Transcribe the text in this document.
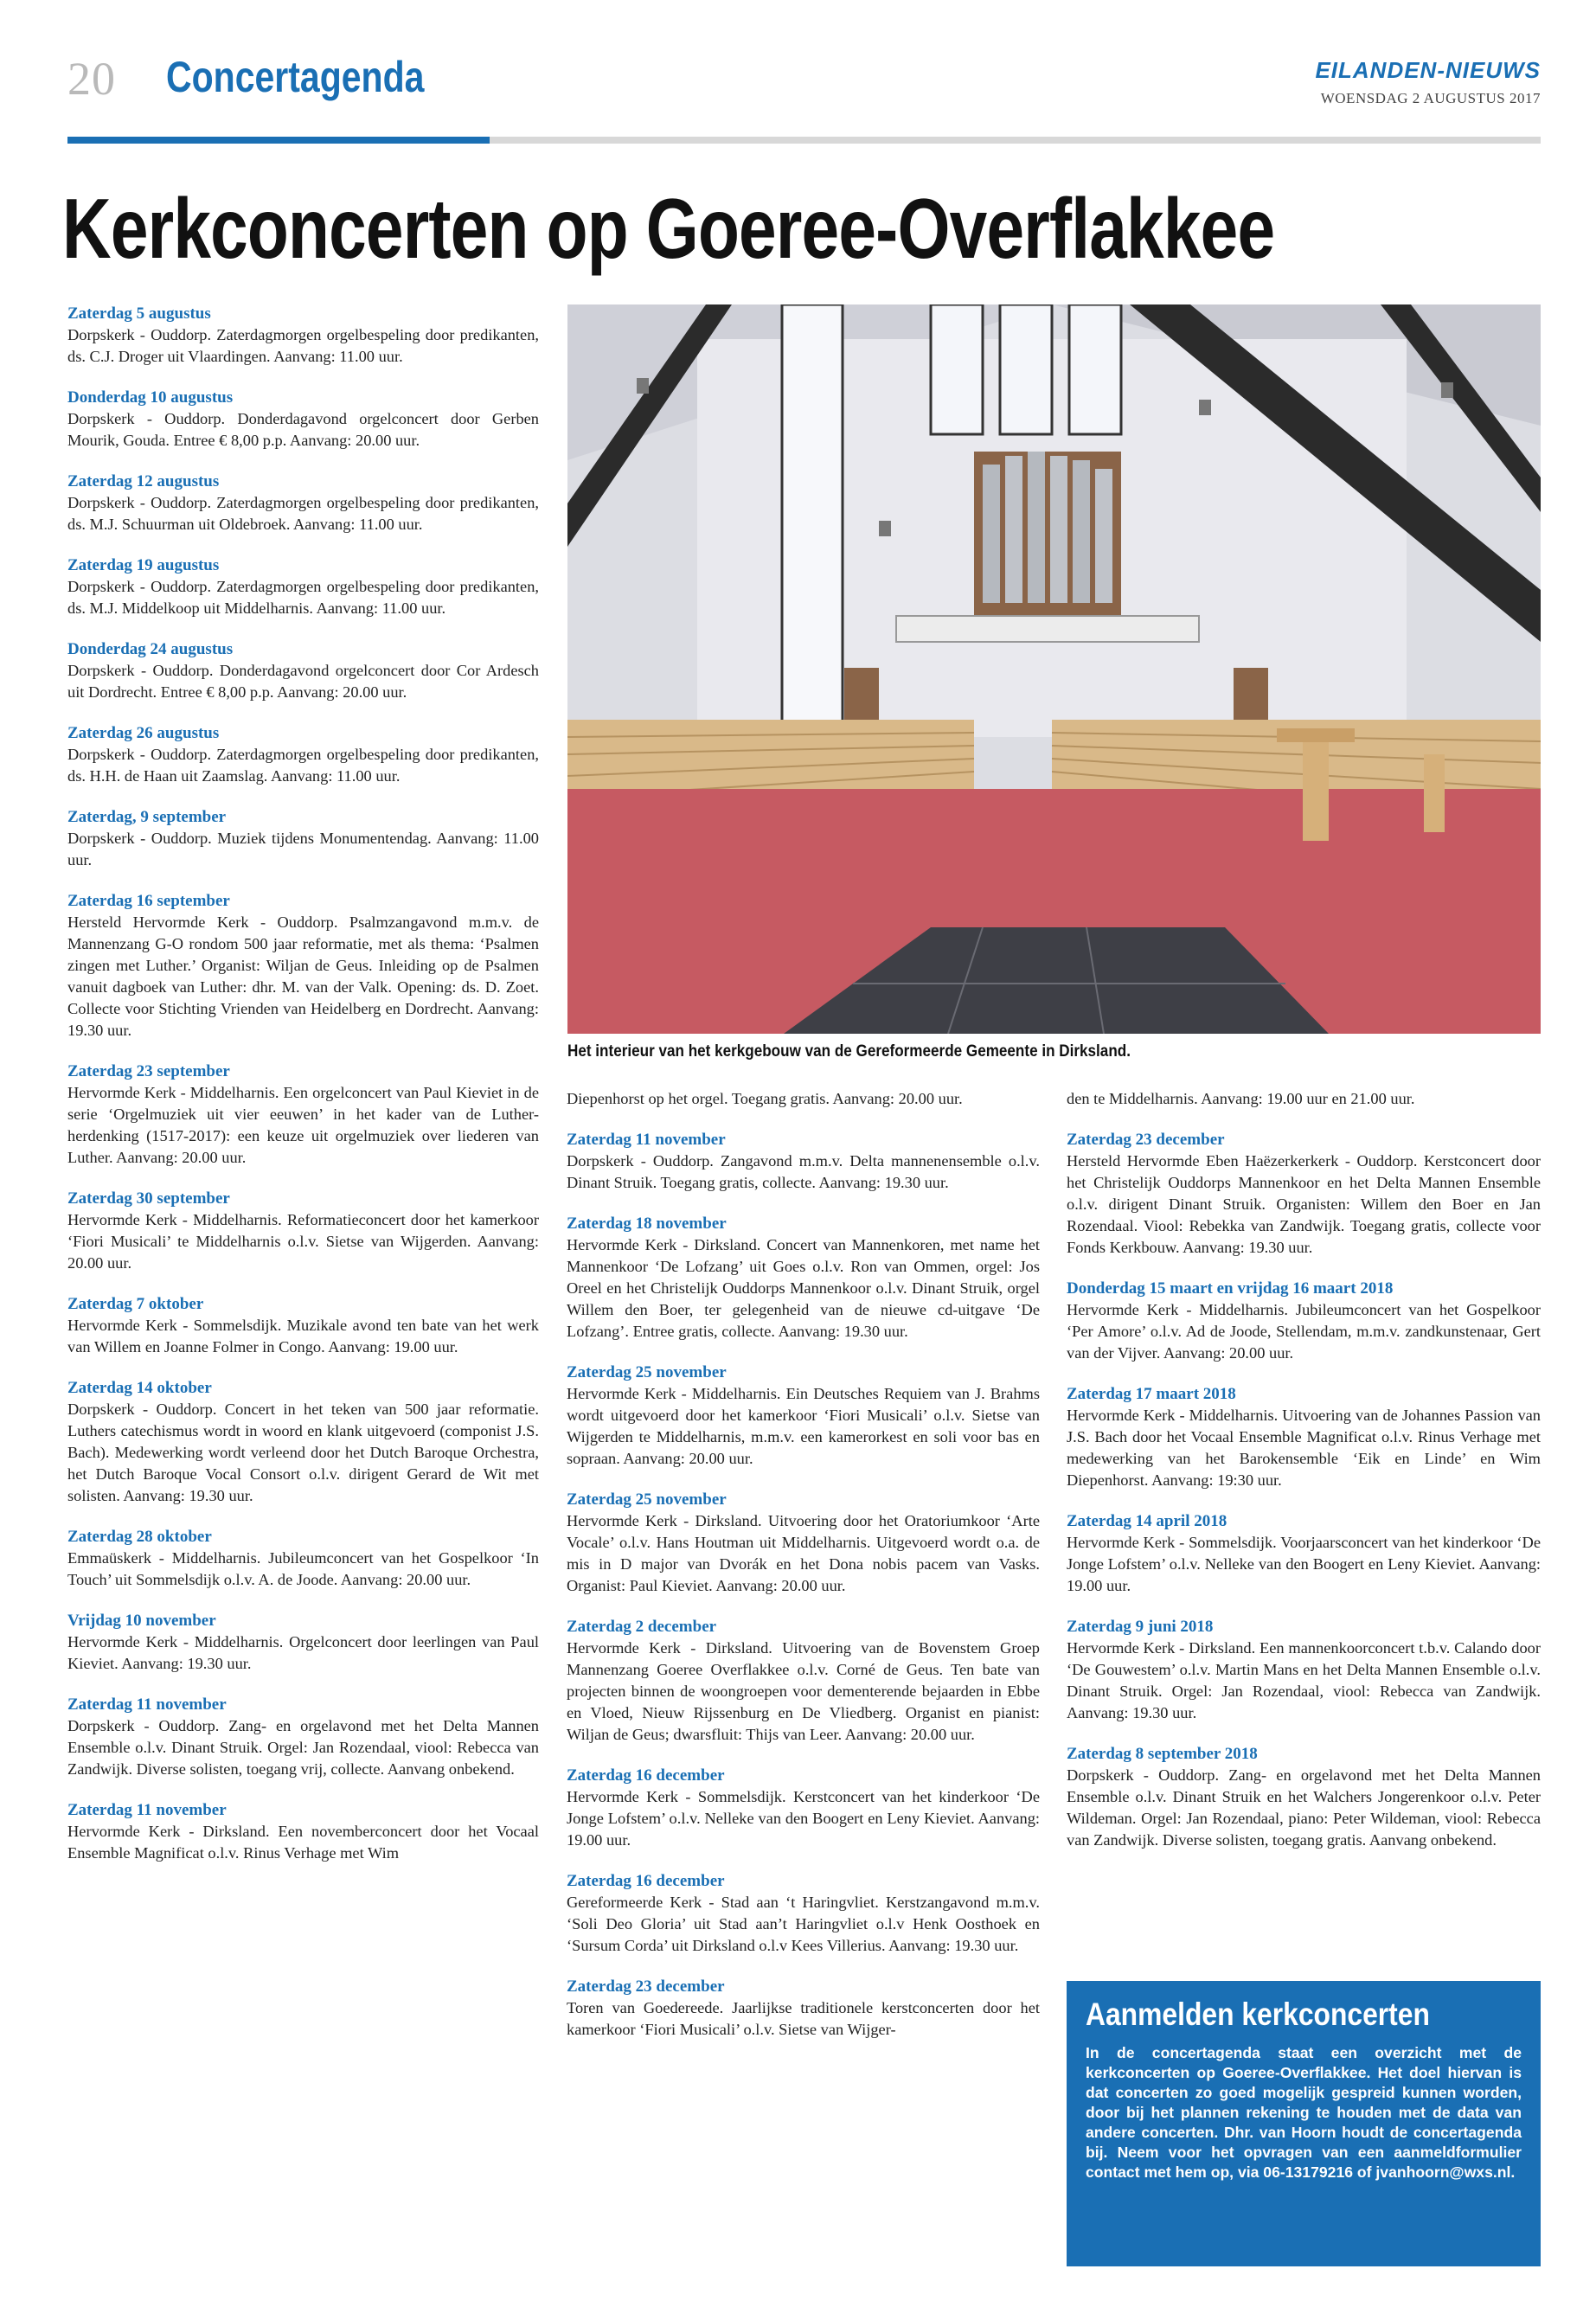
20 Concertagenda	EILANDEN-NIEUWS
WOENSDAG 2 AUGUSTUS 2017
Kerkconcerten op Goeree-Overflakkee
Zaterdag 5 augustus
Dorpskerk - Ouddorp. Zaterdagmorgen orgelbespeling door predikanten, ds. C.J. Droger uit Vlaardingen. Aanvang: 11.00 uur.
Donderdag 10 augustus
Dorpskerk - Ouddorp. Donderdagavond orgelconcert door Gerben Mourik, Gouda. Entree € 8,00 p.p. Aanvang: 20.00 uur.
Zaterdag 12 augustus
Dorpskerk - Ouddorp. Zaterdagmorgen orgelbespeling door predikanten, ds. M.J. Schuurman uit Oldebroek. Aanvang: 11.00 uur.
Zaterdag 19 augustus
Dorpskerk - Ouddorp. Zaterdagmorgen orgelbespeling door predikanten, ds. M.J. Middelkoop uit Middelharnis. Aanvang: 11.00 uur.
Donderdag 24 augustus
Dorpskerk - Ouddorp. Donderdagavond orgelconcert door Cor Ardesch uit Dordrecht. Entree € 8,00 p.p. Aanvang: 20.00 uur.
Zaterdag 26 augustus
Dorpskerk - Ouddorp. Zaterdagmorgen orgelbespeling door predikanten, ds. H.H. de Haan uit Zaamslag. Aanvang: 11.00 uur.
Zaterdag, 9 september
Dorpskerk - Ouddorp. Muziek tijdens Monumentendag. Aanvang: 11.00 uur.
Zaterdag 16 september
Hersteld Hervormde Kerk - Ouddorp. Psalmzangavond m.m.v. de Mannenzang G-O rondom 500 jaar reformatie, met als thema: ‘Psalmen zingen met Luther.’ Organist: Wiljan de Geus. Inleiding op de Psalmen vanuit dagboek van Luther: dhr. M. van der Valk. Opening: ds. D. Zoet. Collecte voor Stichting Vrienden van Heidelberg en Dordrecht. Aanvang: 19.30 uur.
Zaterdag 23 september
Hervormde Kerk - Middelharnis. Een orgelconcert van Paul Kieviet in de serie ‘Orgelmuziek uit vier eeuwen’ in het kader van de Luther-herdenking (1517-2017): een keuze uit orgelmuziek over liederen van Luther. Aanvang: 20.00 uur.
Zaterdag 30 september
Hervormde Kerk - Middelharnis. Reformatieconcert door het kamerkoor ‘Fiori Musicali’ te Middelharnis o.l.v. Sietse van Wijgerden. Aanvang: 20.00 uur.
Zaterdag 7 oktober
Hervormde Kerk - Sommelsdijk. Muzikale avond ten bate van het werk van Willem en Joanne Folmer in Congo. Aanvang: 19.00 uur.
Zaterdag 14 oktober
Dorpskerk - Ouddorp. Concert in het teken van 500 jaar reformatie. Luthers catechismus wordt in woord en klank uitgevoerd (componist J.S. Bach). Medewerking wordt verleend door het Dutch Baroque Orchestra, het Dutch Baroque Vocal Consort o.l.v. dirigent Gerard de Wit met solisten. Aanvang: 19.30 uur.
Zaterdag 28 oktober
Emmaüskerk - Middelharnis. Jubileumconcert van het Gospelkoor ‘In Touch’ uit Sommelsdijk o.l.v. A. de Joode. Aanvang: 20.00 uur.
Vrijdag 10 november
Hervormde Kerk - Middelharnis. Orgelconcert door leerlingen van Paul Kieviet. Aanvang: 19.30 uur.
Zaterdag 11 november
Dorpskerk - Ouddorp. Zang- en orgelavond met het Delta Mannen Ensemble o.l.v. Dinant Struik. Orgel: Jan Rozendaal, viool: Rebecca van Zandwijk. Diverse solisten, toegang vrij, collecte. Aanvang onbekend.
Zaterdag 11 november
Hervormde Kerk - Dirksland. Een novemberconcert door het Vocaal Ensemble Magnificat o.l.v. Rinus Verhage met Wim
Diepenhorst op het orgel. Toegang gratis. Aanvang: 20.00 uur.
Zaterdag 11 november
Dorpskerk - Ouddorp. Zangavond m.m.v. Delta mannenensemble o.l.v. Dinant Struik. Toegang gratis, collecte. Aanvang: 19.30 uur.
Zaterdag 18 november
Hervormde Kerk - Dirksland. Concert van Mannenkoren, met name het Mannenkoor ‘De Lofzang’ uit Goes o.l.v. Ron van Ommen, orgel: Jos Oreel en het Christelijk Ouddorps Mannenkoor o.l.v. Dinant Struik, orgel Willem den Boer, ter gelegenheid van de nieuwe cd-uitgave ‘De Lofzang’. Entree gratis, collecte. Aanvang: 19.30 uur.
Zaterdag 25 november
Hervormde Kerk - Middelharnis. Ein Deutsches Requiem van J. Brahms wordt uitgevoerd door het kamerkoor ‘Fiori Musicali’ o.l.v. Sietse van Wijgerden te Middelharnis, m.m.v. een kamerorkest en soli voor bas en sopraan. Aanvang: 20.00 uur.
Zaterdag 25 november
Hervormde Kerk - Dirksland. Uitvoering door het Oratoriumkoor ‘Arte Vocale’ o.l.v. Hans Houtman uit Middelharnis. Uitgevoerd wordt o.a. de mis in D major van Dvorák en het Dona nobis pacem van Vasks. Organist: Paul Kieviet. Aanvang: 20.00 uur.
Zaterdag 2 december
Hervormde Kerk - Dirksland. Uitvoering van de Bovenstem Groep Mannenzang Goeree Overflakkee o.l.v. Corné de Geus. Ten bate van projecten binnen de woongroepen voor dementerende bejaarden in Ebbe en Vloed, Nieuw Rijssenburg en De Vliedberg. Organist en pianist: Wiljan de Geus; dwarsfluit: Thijs van Leer. Aanvang: 20.00 uur.
Zaterdag 16 december
Hervormde Kerk - Sommelsdijk. Kerstconcert van het kinderkoor ‘De Jonge Lofstem’ o.l.v. Nelleke van den Boogert en Leny Kieviet. Aanvang: 19.00 uur.
Zaterdag 16 december
Gereformeerde Kerk - Stad aan ‘t Haringvliet. Kerstzangavond m.m.v. ‘Soli Deo Gloria’ uit Stad aan’t Haringvliet o.l.v Henk Oosthoek en ‘Sursum Corda’ uit Dirksland o.l.v Kees Villerius. Aanvang: 19.30 uur.
Zaterdag 23 december
Toren van Goedereede. Jaarlijkse traditionele kerstconcerten door het kamerkoor ‘Fiori Musicali’ o.l.v. Sietse van Wijger-
den te Middelharnis. Aanvang: 19.00 uur en 21.00 uur.
Zaterdag 23 december
Hersteld Hervormde Eben Haëzerkerkerk - Ouddorp. Kerstconcert door het Christelijk Ouddorps Mannenkoor en het Delta Mannen Ensemble o.l.v. dirigent Dinant Struik. Organisten: Willem den Boer en Jan Rozendaal. Viool: Rebekka van Zandwijk. Toegang gratis, collecte voor Fonds Kerkbouw. Aanvang: 19.30 uur.
Donderdag 15 maart en vrijdag 16 maart 2018
Hervormde Kerk - Middelharnis. Jubileumconcert van het Gospelkoor ‘Per Amore’ o.l.v. Ad de Joode, Stellendam, m.m.v. zandkunstenaar, Gert van der Vijver. Aanvang: 20.00 uur.
Zaterdag 17 maart 2018
Hervormde Kerk - Middelharnis. Uitvoering van de Johannes Passion van J.S. Bach door het Vocaal Ensemble Magnificat o.l.v. Rinus Verhage met medewerking van het Barokensemble ‘Eik en Linde’ en Wim Diepenhorst. Aanvang: 19:30 uur.
Zaterdag 14 april 2018
Hervormde Kerk - Sommelsdijk. Voorjaarsconcert van het kinderkoor ‘De Jonge Lofstem’ o.l.v. Nelleke van den Boogert en Leny Kieviet. Aanvang: 19.00 uur.
Zaterdag 9 juni 2018
Hervormde Kerk - Dirksland. Een mannenkoorconcert t.b.v. Calando door ‘De Gouwestem’ o.l.v. Martin Mans en het Delta Mannen Ensemble o.l.v. Dinant Struik. Orgel: Jan Rozendaal, viool: Rebecca van Zandwijk. Aanvang: 19.30 uur.
Zaterdag 8 september 2018
Dorpskerk - Ouddorp. Zang- en orgelavond met het Delta Mannen Ensemble o.l.v. Dinant Struik en het Walchers Jongerenkoor o.l.v. Peter Wildeman. Orgel: Jan Rozendaal, piano: Peter Wildeman, viool: Rebecca van Zandwijk. Diverse solisten, toegang gratis. Aanvang onbekend.
Het interieur van het kerkgebouw van de Gereformeerde Gemeente in Dirksland.
Aanmelden kerkconcerten
In de concertagenda staat een overzicht met de kerkconcerten op Goeree-Overflakkee. Het doel hiervan is dat concerten zo goed mogelijk gespreid kunnen worden, door bij het plannen rekening te houden met de data van andere concerten. Dhr. van Hoorn houdt de concertagenda bij. Neem voor het opvragen van een aanmeldformulier contact met hem op, via 06-13179216 of jvanhoorn@wxs.nl.
